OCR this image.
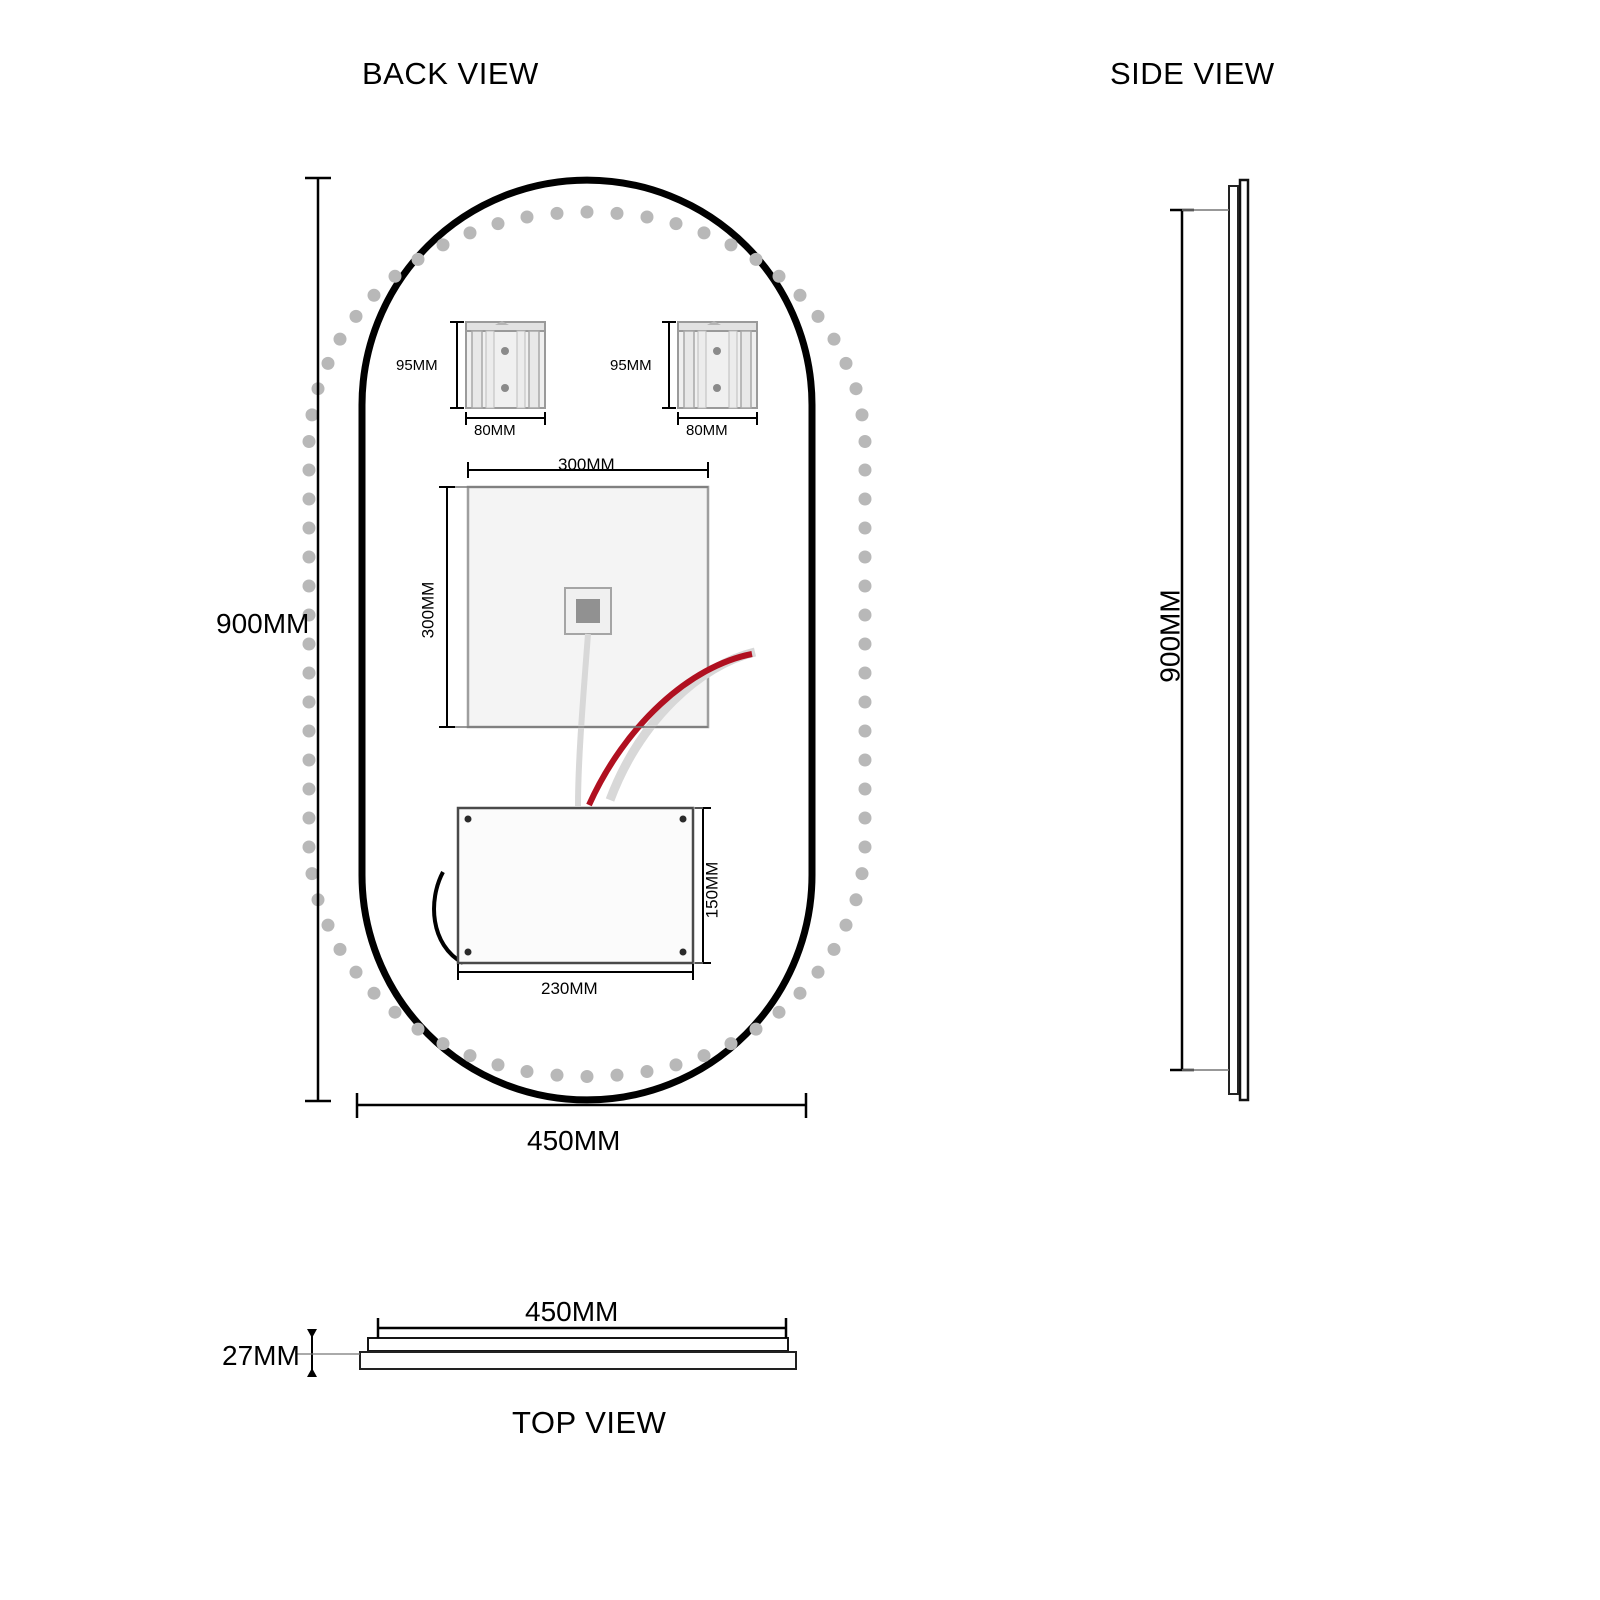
BACK VIEW	SIDE VIEW
TOP VIEW
900MM
450MM
95MM	95MM
80MM	80MM
300MM
300MM
150MM
230MM
900MM
450MM
27MM
